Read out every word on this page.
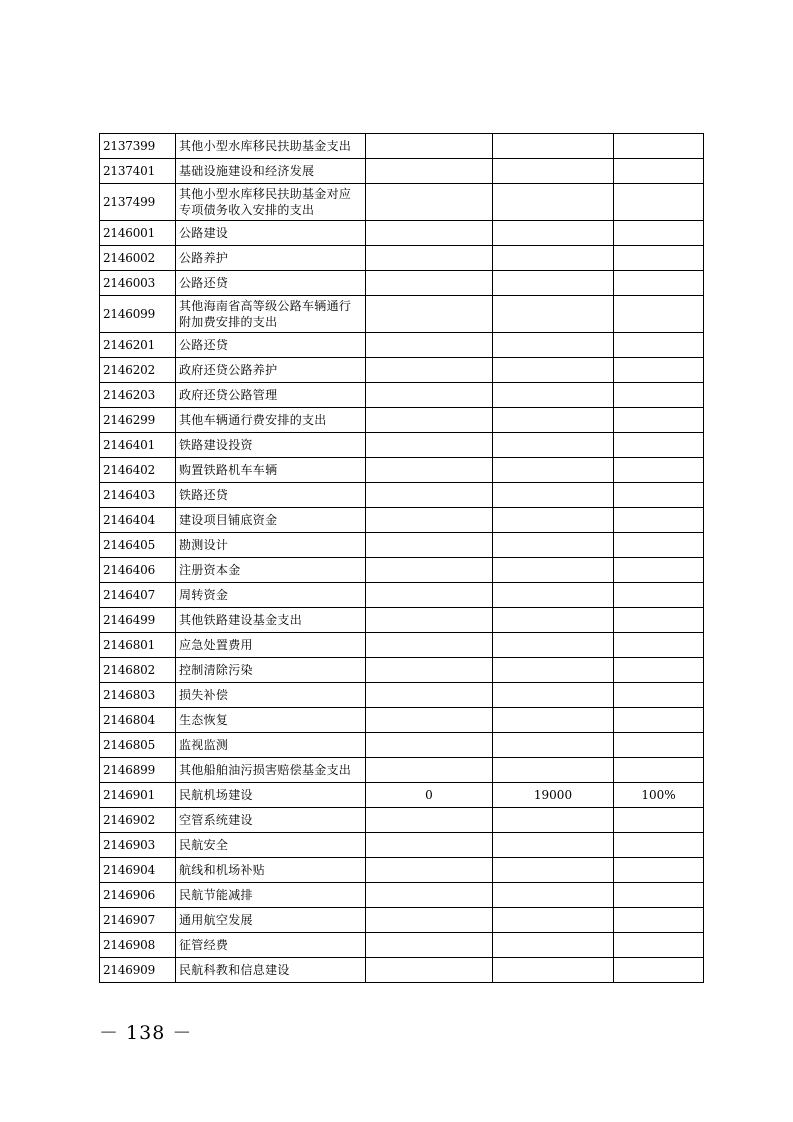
2137399	其他小型水库移民扶助基金支出			
2137401	基础设施建设和经济发展			
2137499	其他小型水库移民扶助基金对应专项债务收入安排的支出			
2146001	公路建设			
2146002	公路养护			
2146003	公路还贷			
2146099	其他海南省高等级公路车辆通行附加费安排的支出			
2146201	公路还贷			
2146202	政府还贷公路养护			
2146203	政府还贷公路管理			
2146299	其他车辆通行费安排的支出			
2146401	铁路建设投资			
2146402	购置铁路机车车辆			
2146403	铁路还贷			
2146404	建设项目铺底资金			
2146405	勘测设计			
2146406	注册资本金			
2146407	周转资金			
2146499	其他铁路建设基金支出			
2146801	应急处置费用			
2146802	控制清除污染			
2146803	损失补偿			
2146804	生态恢复			
2146805	监视监测			
2146899	其他船舶油污损害赔偿基金支出			
2146901	民航机场建设	0	19000	100%
2146902	空管系统建设			
2146903	民航安全			
2146904	航线和机场补贴			
2146906	民航节能减排			
2146907	通用航空发展			
2146908	征管经费			
2146909	民航科教和信息建设			
－ 138 －
